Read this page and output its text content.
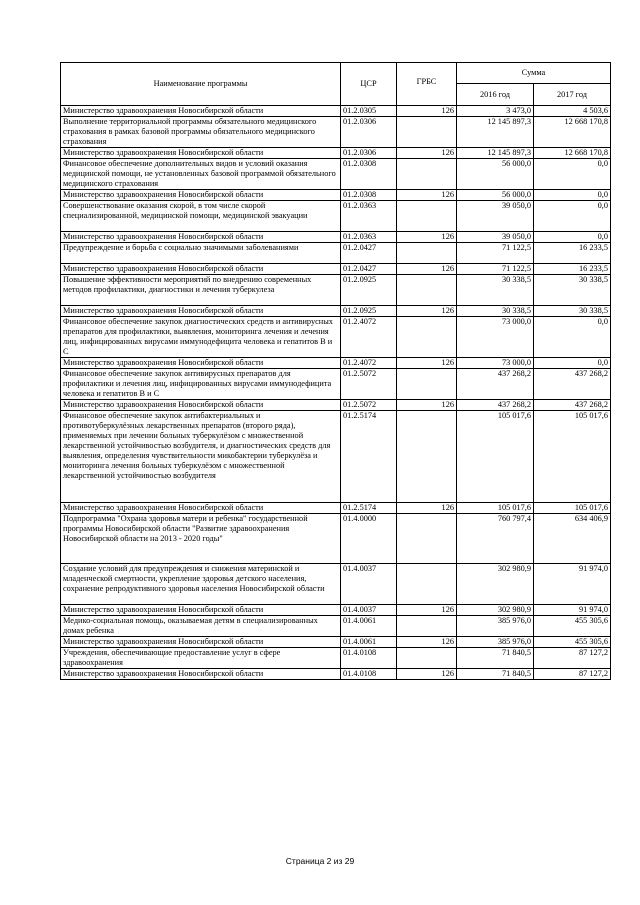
Наименование программы	ЦСР	ГРБС	Сумма	
			2016 год	2017 год
Министерство здравоохранения Новосибирской области	01.2.0305	126	3 473,0	4 503,6
Выполнение территориальной программы обязательного медицинского страхования в рамках базовой программы обязательного медицинского страхования	01.2.0306		12 145 897,3	12 668 170,8
Министерство здравоохранения Новосибирской области	01.2.0306	126	12 145 897,3	12 668 170,8
Финансовое обеспечение дополнительных видов и условий оказания медицинской помощи, не установленных базовой программой обязательного медицинского страхования	01.2.0308		56 000,0	0,0
Министерство здравоохранения Новосибирской области	01.2.0308	126	56 000,0	0,0
Совершенствование оказания скорой, в том числе скорой специализированной, медицинской помощи, медицинской эвакуации	01.2.0363		39 050,0	0,0
Министерство здравоохранения Новосибирской области	01.2.0363	126	39 050,0	0,0
Предупреждение и борьба с социально значимыми заболеваниями	01.2.0427		71 122,5	16 233,5
Министерство здравоохранения Новосибирской области	01.2.0427	126	71 122,5	16 233,5
Повышение эффективности мероприятий по внедрению современных методов профилактики, диагностики и лечения туберкулеза	01.2.0925		30 338,5	30 338,5
Министерство здравоохранения Новосибирской области	01.2.0925	126	30 338,5	30 338,5
Финансовое обеспечение закупок диагностических средств и антивирусных препаратов для профилактики, выявления, мониторинга лечения и лечения лиц, инфицированных вирусами иммунодефицита человека и гепатитов В и С	01.2.4072		73 000,0	0,0
Министерство здравоохранения Новосибирской области	01.2.4072	126	73 000,0	0,0
Финансовое обеспечение закупок антивирусных препаратов для профилактики и лечения лиц, инфицированных вирусами иммунодефицита человека и гепатитов В и С	01.2.5072		437 268,2	437 268,2
Министерство здравоохранения Новосибирской области	01.2.5072	126	437 268,2	437 268,2
Финансовое обеспечение закупок антибактериальных и противотуберкулёзных лекарственных препаратов (второго ряда), применяемых при лечении больных туберкулёзом с множественной лекарственной устойчивостью возбудителя, и диагностических средств для выявления, определения чувствительности микобактерии туберкулёза и мониторинга лечения больных туберкулёзом с множественной лекарственной устойчивостью возбудителя	01.2.5174		105 017,6	105 017,6
Министерство здравоохранения Новосибирской области	01.2.5174	126	105 017,6	105 017,6
Подпрограмма "Охрана здоровья матери и ребенка" государственной программы Новосибирской области "Развитие здравоохранения Новосибирской области на 2013 - 2020 годы"	01.4.0000		760 797,4	634 406,9
Создание условий для предупреждения и снижения материнской и младенческой смертности, укрепление здоровья детского населения, сохранение репродуктивного здоровья населения Новосибирской области	01.4.0037		302 980,9	91 974,0
Министерство здравоохранения Новосибирской области	01.4.0037	126	302 980,9	91 974,0
Медико-социальная помощь, оказываемая детям в специализированных домах ребенка	01.4.0061		385 976,0	455 305,6
Министерство здравоохранения Новосибирской области	01.4.0061	126	385 976,0	455 305,6
Учреждения, обеспечивающие предоставление услуг в сфере здравоохранения	01.4.0108		71 840,5	87 127,2
Министерство здравоохранения Новосибирской области	01.4.0108	126	71 840,5	87 127,2
Страница 2 из 29
